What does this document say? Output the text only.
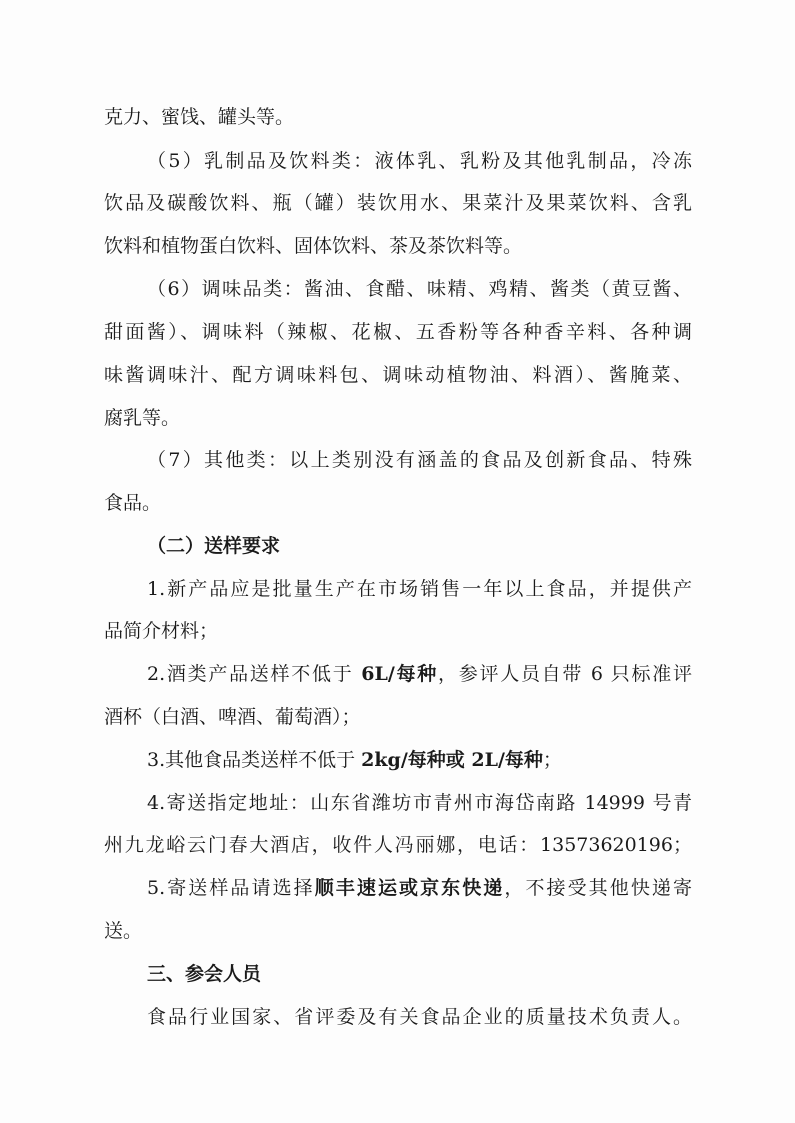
克力、蜜饯、罐头等。
（5）乳制品及饮料类：液体乳、乳粉及其他乳制品，冷冻
饮品及碳酸饮料、瓶（罐）装饮用水、果菜汁及果菜饮料、含乳
饮料和植物蛋白饮料、固体饮料、茶及茶饮料等。
（6）调味品类：酱油、食醋、味精、鸡精、酱类（黄豆酱、
甜面酱）、调味料（辣椒、花椒、五香粉等各种香辛料、各种调
味酱调味汁、配方调味料包、调味动植物油、料酒）、酱腌菜、
腐乳等。
（7）其他类：以上类别没有涵盖的食品及创新食品、特殊
食品。
（二）送样要求
1.新产品应是批量生产在市场销售一年以上食品，并提供产
品简介材料；
2.酒类产品送样不低于 6L/每种，参评人员自带 6 只标准评
酒杯（白酒、啤酒、葡萄酒）；
3.其他食品类送样不低于 2kg/每种或 2L/每种；
4.寄送指定地址：山东省潍坊市青州市海岱南路 14999 号青
州九龙峪云门春大酒店，收件人冯丽娜，电话：13573620196；
5.寄送样品请选择顺丰速运或京东快递，不接受其他快递寄
送。
三、参会人员
食品行业国家、省评委及有关食品企业的质量技术负责人。
